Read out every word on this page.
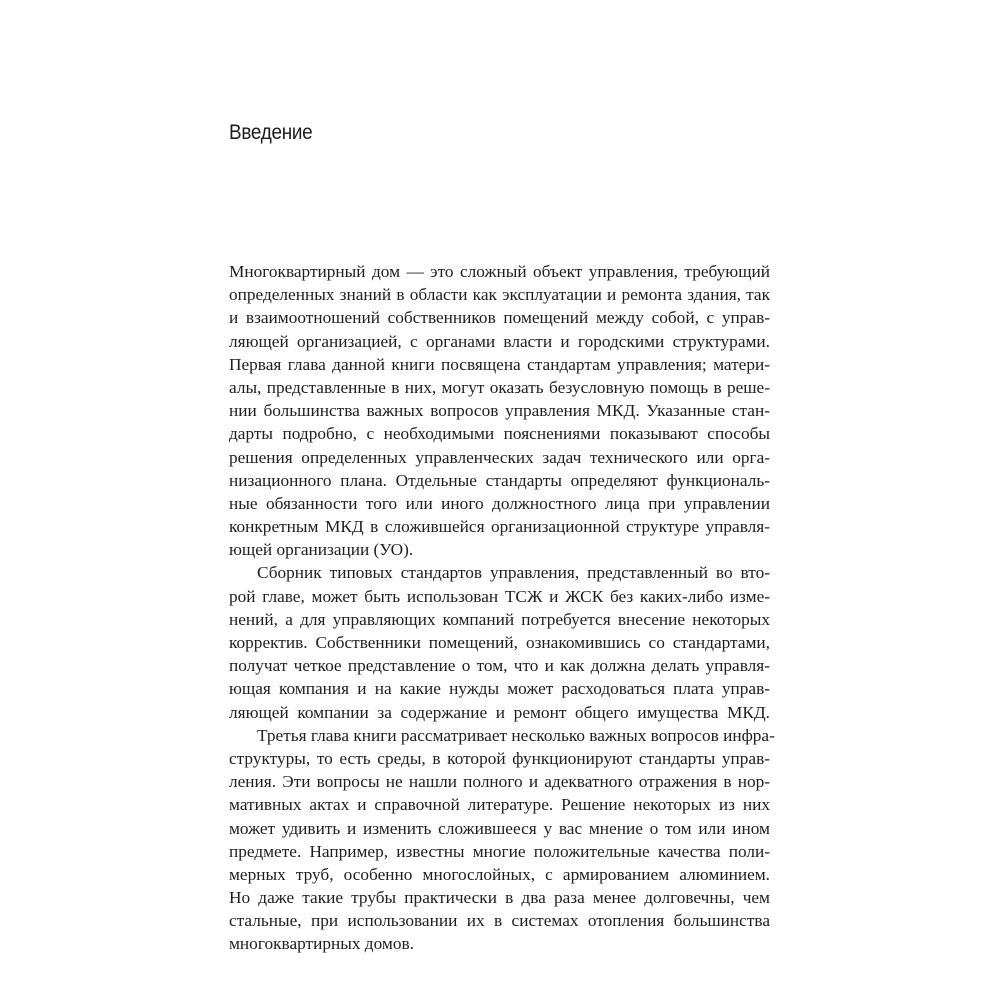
Введение
Многоквартирный дом — это сложный объект управления, требующий
определенных знаний в области как эксплуатации и ремонта здания, так
и взаимоотношений собственников помещений между собой, с управ-
ляющей организацией, с органами власти и городскими структурами.
Первая глава данной книги посвящена стандартам управления; матери-
алы, представленные в них, могут оказать безусловную помощь в реше-
нии большинства важных вопросов управления МКД. Указанные стан-
дарты подробно, с необходимыми пояснениями показывают способы
решения определенных управленческих задач технического или орга-
низационного плана. Отдельные стандарты определяют функциональ-
ные обязанности того или иного должностного лица при управлении
конкретным МКД в сложившейся организационной структуре управля-
ющей организации (УО).
Сборник типовых стандартов управления, представленный во вто-
рой главе, может быть использован ТСЖ и ЖСК без каких-либо изме-
нений, а для управляющих компаний потребуется внесение некоторых
корректив. Собственники помещений, ознакомившись со стандартами,
получат четкое представление о том, что и как должна делать управля-
ющая компания и на какие нужды может расходоваться плата управ-
ляющей компании за содержание и ремонт общего имущества МКД.
Третья глава книги рассматривает несколько важных вопросов инфра-
структуры, то есть среды, в которой функционируют стандарты управ-
ления. Эти вопросы не нашли полного и адекватного отражения в нор-
мативных актах и справочной литературе. Решение некоторых из них
может удивить и изменить сложившееся у вас мнение о том или ином
предмете. Например, известны многие положительные качества поли-
мерных труб, особенно многослойных, с армированием алюминием.
Но даже такие трубы практически в два раза менее долговечны, чем
стальные, при использовании их в системах отопления большинства
многоквартирных домов.
